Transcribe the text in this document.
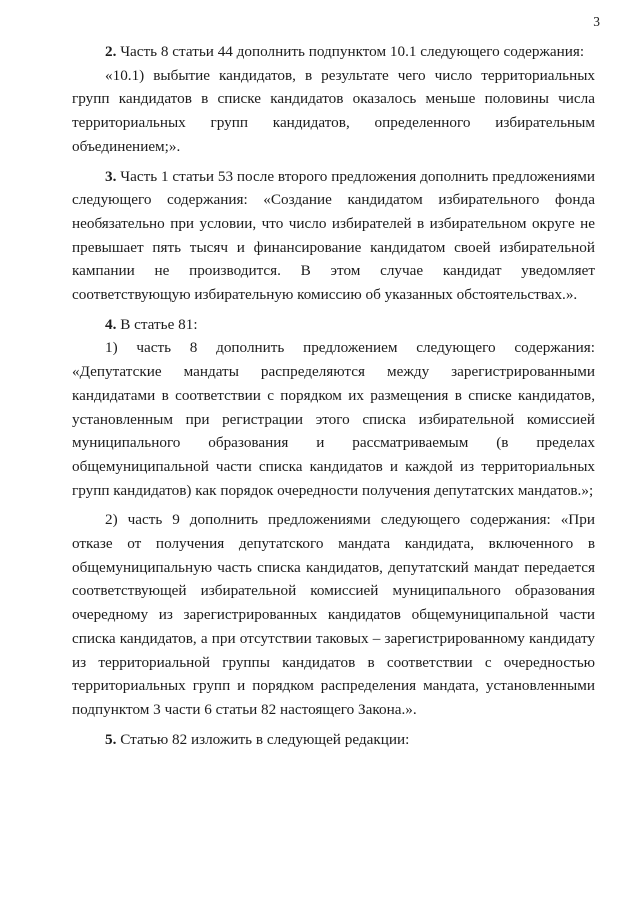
3

2. Часть 8 статьи 44 дополнить подпунктом 10.1 следующего содержания:

«10.1) выбытие кандидатов, в результате чего число территориальных групп кандидатов в списке кандидатов оказалось меньше половины числа территориальных групп кандидатов, определенного избирательным объединением;».

3. Часть 1 статьи 53 после второго предложения дополнить предложениями следующего содержания: «Создание кандидатом избирательного фонда необязательно при условии, что число избирателей в избирательном округе не превышает пять тысяч и финансирование кандидатом своей избирательной кампании не производится. В этом случае кандидат уведомляет соответствующую избирательную комиссию об указанных обстоятельствах.».

4. В статье 81:

1) часть 8 дополнить предложением следующего содержания: «Депутатские мандаты распределяются между зарегистрированными кандидатами в соответствии с порядком их размещения в списке кандидатов, установленным при регистрации этого списка избирательной комиссией муниципального образования и рассматриваемым (в пределах общемуниципальной части списка кандидатов и каждой из территориальных групп кандидатов) как порядок очередности получения депутатских мандатов.»;

2) часть 9 дополнить предложениями следующего содержания: «При отказе от получения депутатского мандата кандидата, включенного в общемуниципальную часть списка кандидатов, депутатский мандат передается соответствующей избирательной комиссией муниципального образования очередному из зарегистрированных кандидатов общемуниципальной части списка кандидатов, а при отсутствии таковых – зарегистрированному кандидату из территориальной группы кандидатов в соответствии с очередностью территориальных групп и порядком распределения мандата, установленными подпунктом 3 части 6 статьи 82 настоящего Закона.».

5. Статью 82 изложить в следующей редакции:
